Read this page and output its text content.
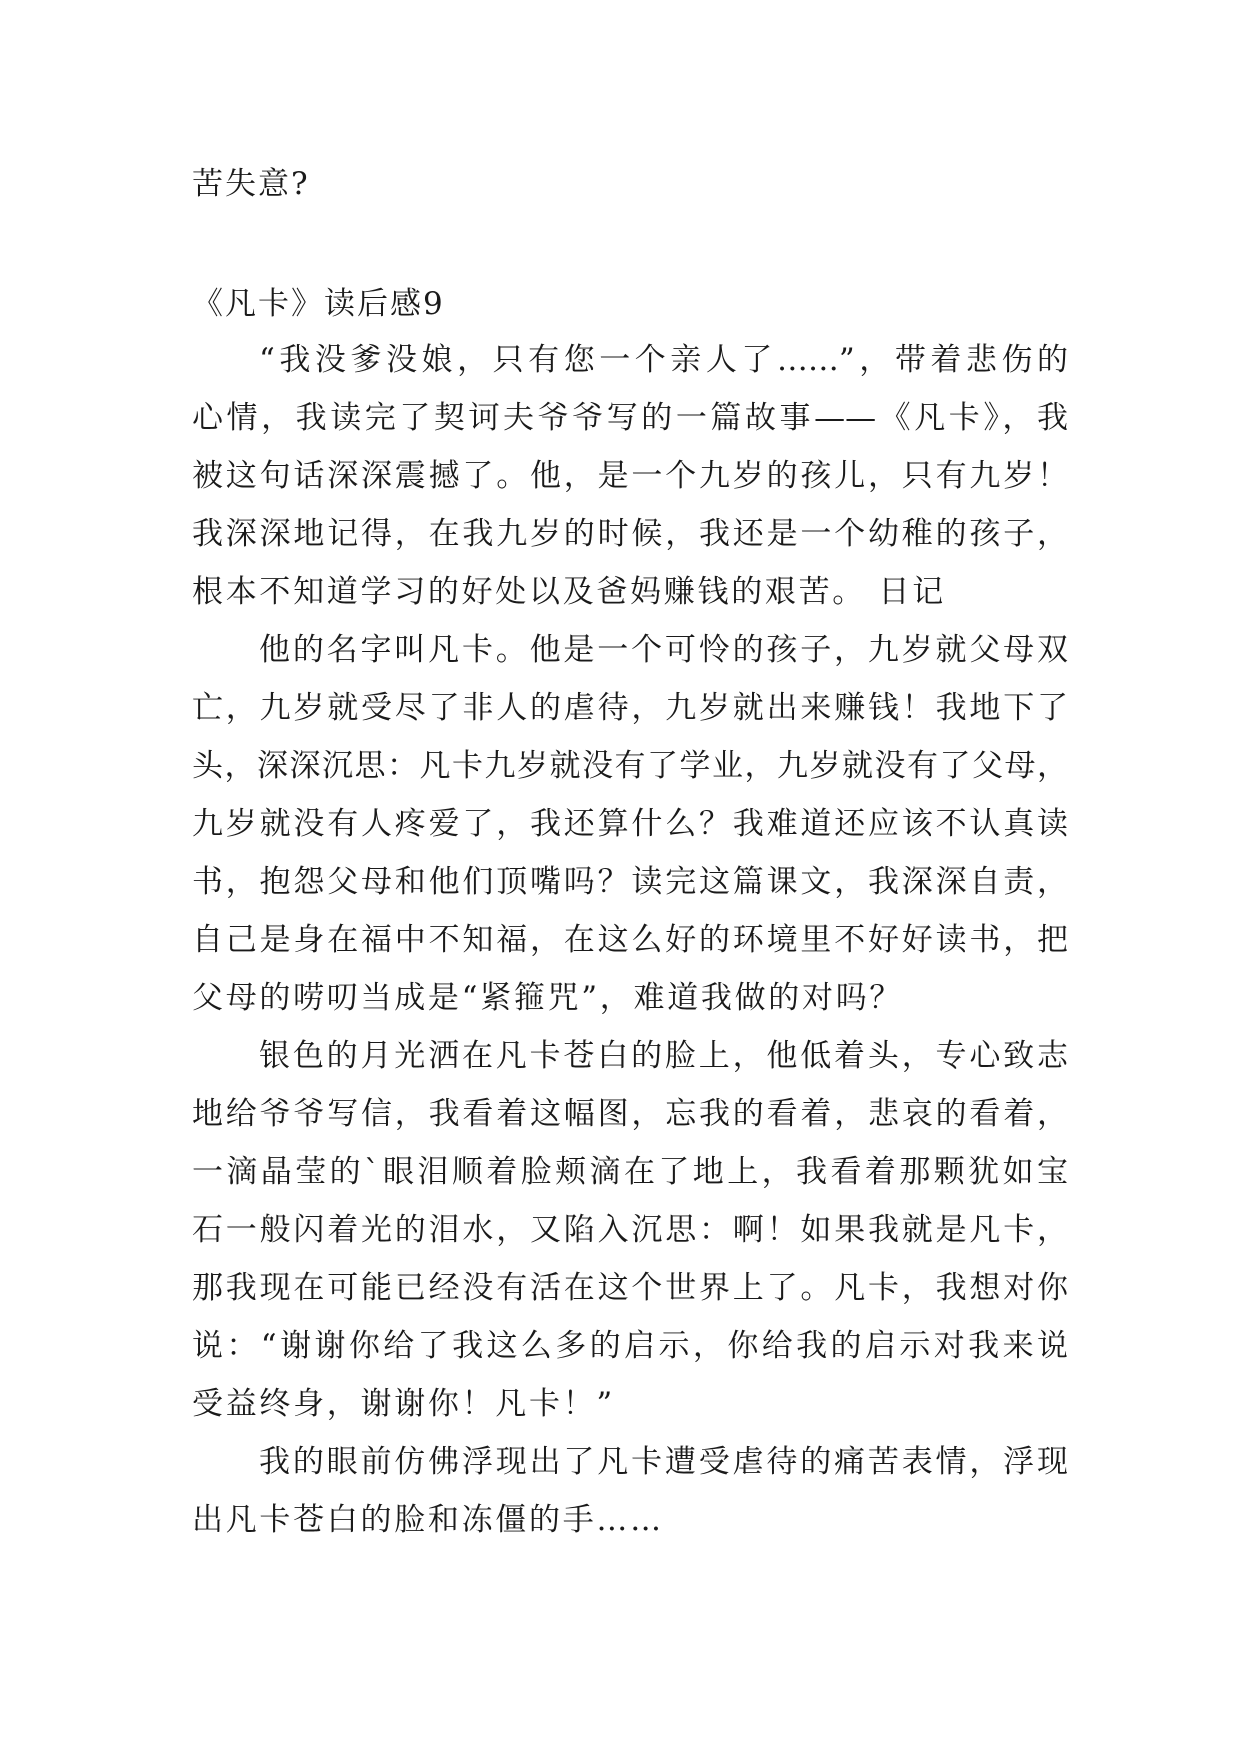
苦失意?
《凡卡》读后感9
“我没爹没娘，只有您一个亲人了……”，带着悲伤的
心情，我读完了契诃夫爷爷写的一篇故事——《凡卡》，我
被这句话深深震撼了。他，是一个九岁的孩儿，只有九岁！
我深深地记得，在我九岁的时候，我还是一个幼稚的孩子，
根本不知道学习的好处以及爸妈赚钱的艰苦。 日记
他的名字叫凡卡。他是一个可怜的孩子，九岁就父母双
亡，九岁就受尽了非人的虐待，九岁就出来赚钱！我地下了
头，深深沉思：凡卡九岁就没有了学业，九岁就没有了父母，
九岁就没有人疼爱了，我还算什么？我难道还应该不认真读
书，抱怨父母和他们顶嘴吗？读完这篇课文，我深深自责，
自己是身在福中不知福，在这么好的环境里不好好读书，把
父母的唠叨当成是“紧箍咒”，难道我做的对吗？
银色的月光洒在凡卡苍白的脸上，他低着头，专心致志
地给爷爷写信，我看着这幅图，忘我的看着，悲哀的看着，
一滴晶莹的`眼泪顺着脸颊滴在了地上，我看着那颗犹如宝
石一般闪着光的泪水，又陷入沉思：啊！如果我就是凡卡，
那我现在可能已经没有活在这个世界上了。凡卡，我想对你
说：“谢谢你给了我这么多的启示，你给我的启示对我来说
受益终身，谢谢你！凡卡！”
我的眼前仿佛浮现出了凡卡遭受虐待的痛苦表情，浮现
出凡卡苍白的脸和冻僵的手……
